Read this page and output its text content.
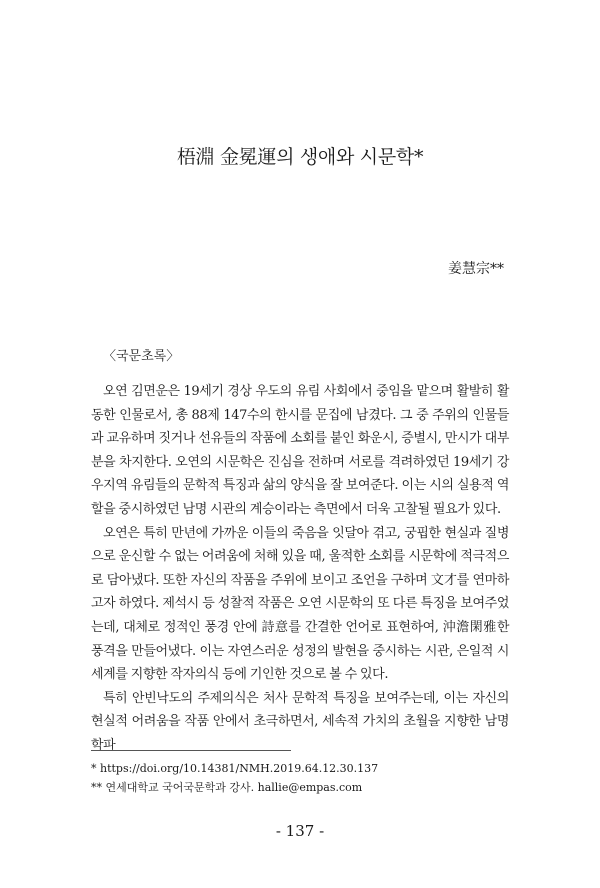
梧淵 金冕運의 생애와 시문학*
姜慧宗**
〈국문초록〉

오연 김면운은 19세기 경상 우도의 유림 사회에서 중임을 맡으며 활발히 활동한 인물로서, 총 88제 147수의 한시를 문집에 남겼다. 그 중 주위의 인물들과 교유하며 짓거나 선유들의 작품에 소회를 붙인 화운시, 증별시, 만시가 대부분을 차지한다. 오연의 시문학은 진심을 전하며 서로를 격려하였던 19세기 강우지역 유림들의 문학적 특징과 삶의 양식을 잘 보여준다. 이는 시의 실용적 역할을 중시하였던 남명 시관의 계승이라는 측면에서 더욱 고찰될 필요가 있다.

오연은 특히 만년에 가까운 이들의 죽음을 잇달아 겪고, 궁핍한 현실과 질병으로 운신할 수 없는 어려움에 처해 있을 때, 울적한 소회를 시문학에 적극적으로 담아냈다. 또한 자신의 작품을 주위에 보이고 조언을 구하며 文才를 연마하고자 하였다. 제석시 등 성찰적 작품은 오연 시문학의 또 다른 특징을 보여주었는데, 대체로 정적인 풍경 안에 詩意를 간결한 언어로 표현하여, 沖澹閑雅한 풍격을 만들어냈다. 이는 자연스러운 성정의 발현을 중시하는 시관, 은일적 시세계를 지향한 작자의식 등에 기인한 것으로 볼 수 있다.

특히 안빈낙도의 주제의식은 처사 문학적 특징을 보여주는데, 이는 자신의 현실적 어려움을 작품 안에서 초극하면서, 세속적 가치의 초월을 지향한 남명학파

* https://doi.org/10.14381/NMH.2019.64.12.30.137
** 연세대학교 국어국문학과 강사. hallie@empas.com
- 137 -
